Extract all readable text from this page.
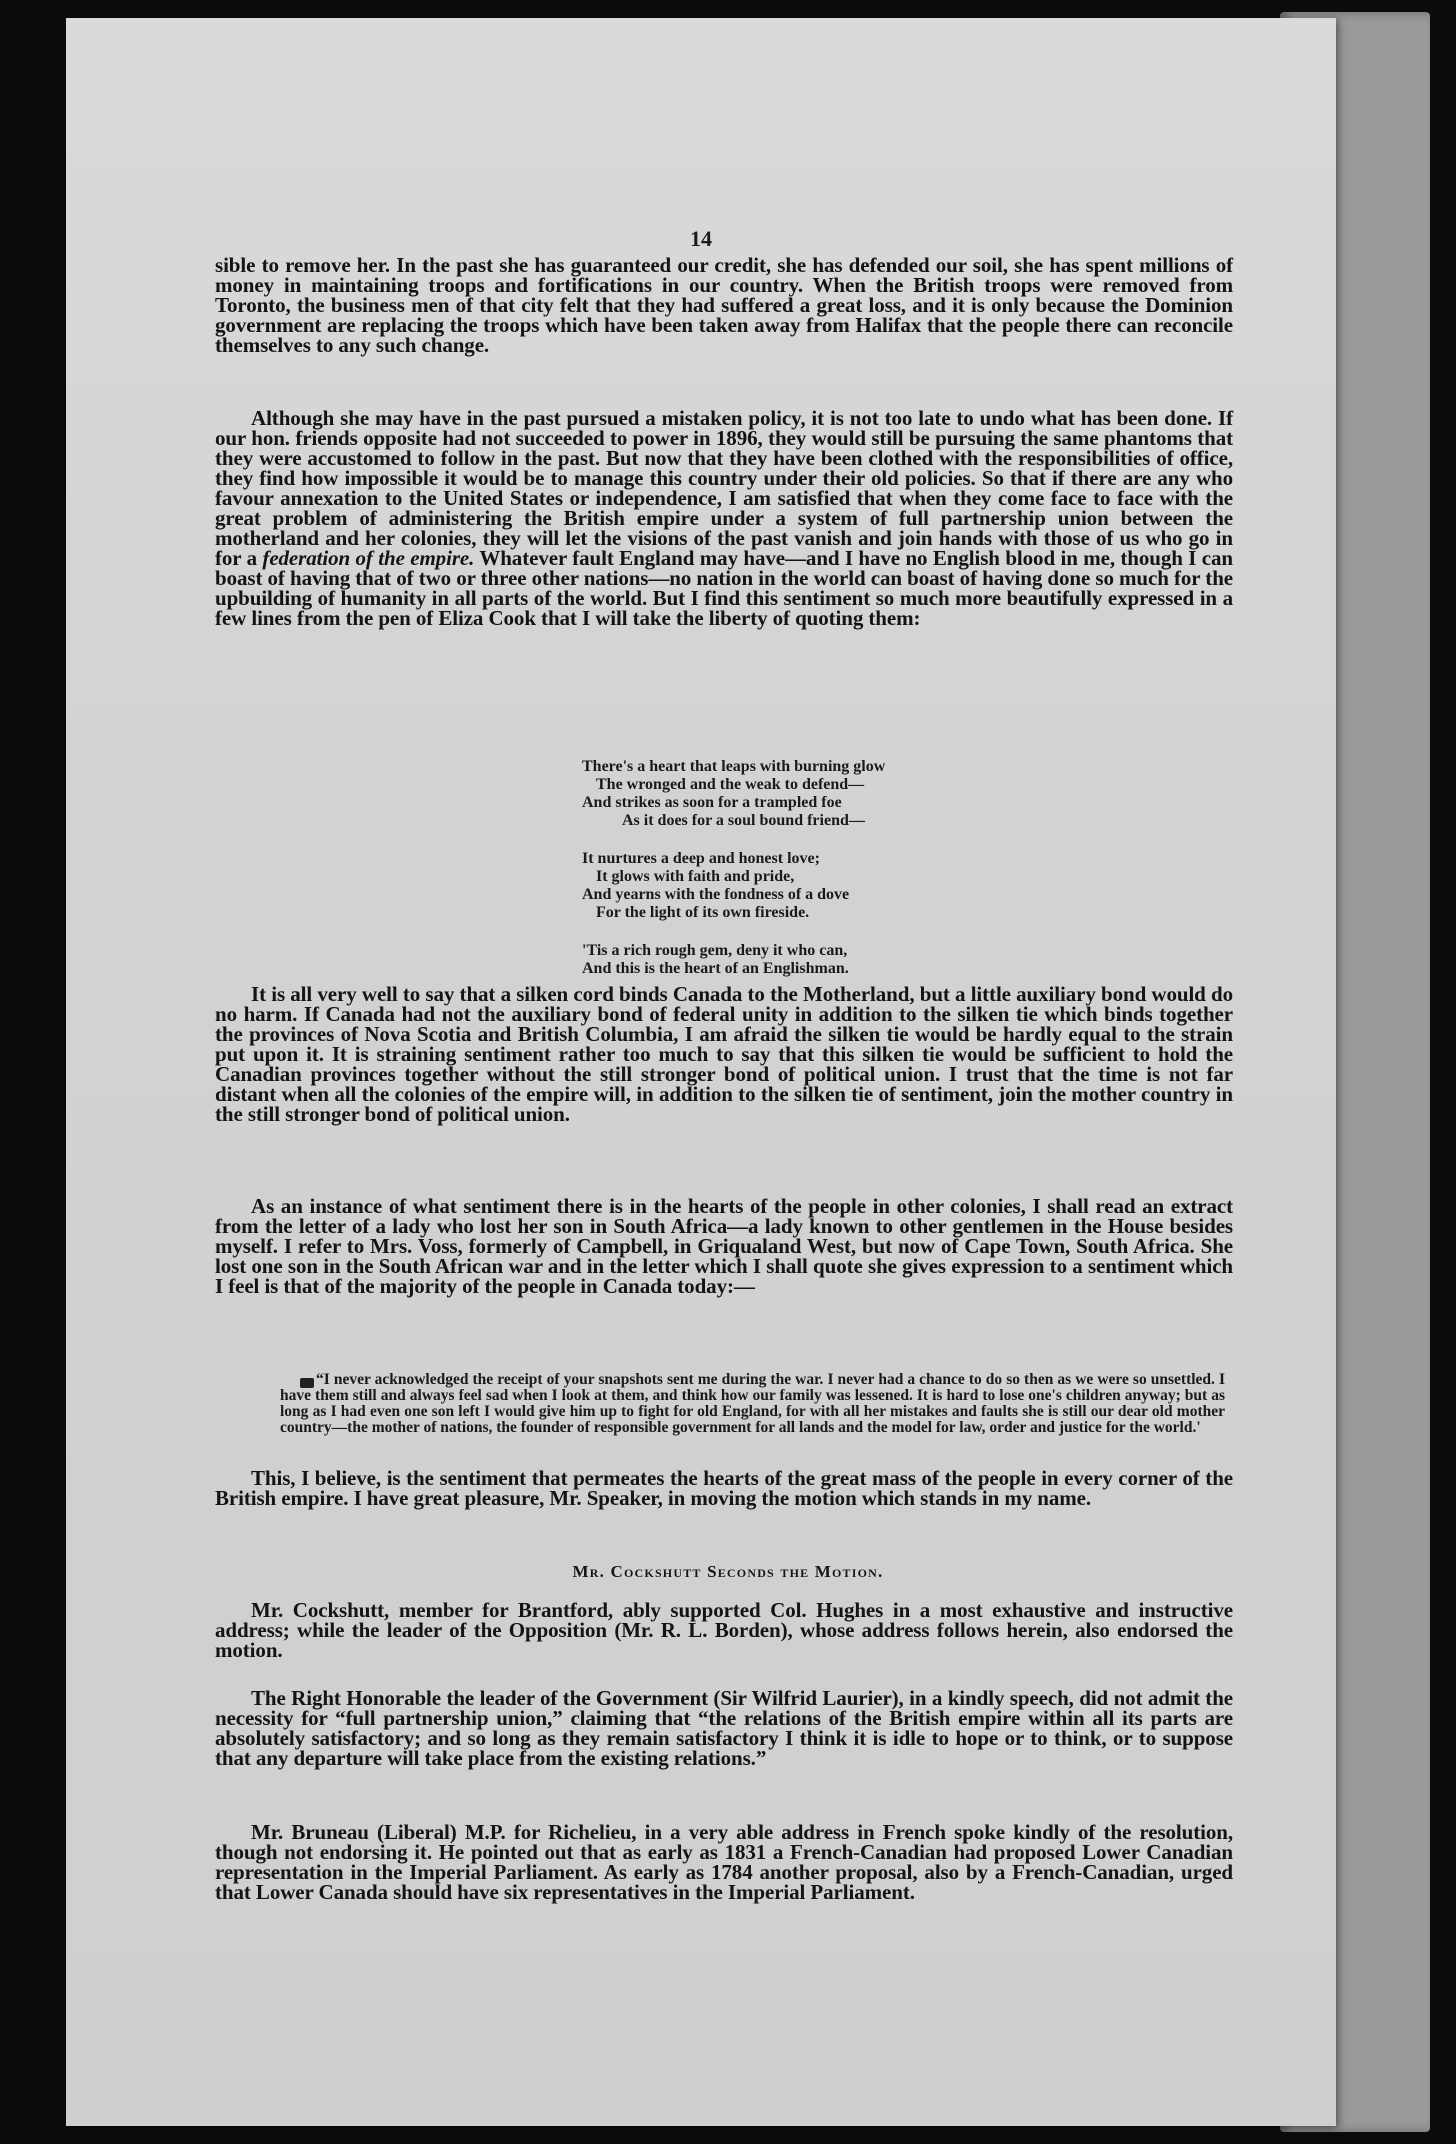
14

sible to remove her. In the past she has guaranteed our credit, she has defended our soil, she has spent millions of money in maintaining troops and fortifications in our country. When the British troops were removed from Toronto, the business men of that city felt that they had suffered a great loss, and it is only because the Dominion government are replacing the troops which have been taken away from Halifax that the people there can reconcile themselves to any such change.

Although she may have in the past pursued a mistaken policy, it is not too late to undo what has been done. If our hon. friends opposite had not succeeded to power in 1896, they would still be pursuing the same phantoms that they were accustomed to follow in the past. But now that they have been clothed with the responsibilities of office, they find how impossible it would be to manage this country under their old policies. So that if there are any who favour annexation to the United States or independence, I am satisfied that when they come face to face with the great problem of administering the British empire under a system of full partnership union between the motherland and her colonies, they will let the visions of the past vanish and join hands with those of us who go in for a federation of the empire. Whatever fault England may have—and I have no English blood in me, though I can boast of having that of two or three other nations—no nation in the world can boast of having done so much for the upbuilding of humanity in all parts of the world. But I find this sentiment so much more beautifully expressed in a few lines from the pen of Eliza Cook that I will take the liberty of quoting them:

There's a heart that leaps with burning glow
The wronged and the weak to defend—
And strikes as soon for a trampled foe
As it does for a soul bound friend—
It nurtures a deep and honest love;
It glows with faith and pride,
And yearns with the fondness of a dove
For the light of its own fireside.
'Tis a rich rough gem, deny it who can,
And this is the heart of an Englishman.

It is all very well to say that a silken cord binds Canada to the Motherland, but a little auxiliary bond would do no harm. If Canada had not the auxiliary bond of federal unity in addition to the silken tie which binds together the provinces of Nova Scotia and British Columbia, I am afraid the silken tie would be hardly equal to the strain put upon it. It is straining sentiment rather too much to say that this silken tie would be sufficient to hold the Canadian provinces together without the still stronger bond of political union. I trust that the time is not far distant when all the colonies of the empire will, in addition to the silken tie of sentiment, join the mother country in the still stronger bond of political union.

As an instance of what sentiment there is in the hearts of the people in other colonies, I shall read an extract from the letter of a lady who lost her son in South Africa—a lady known to other gentlemen in the House besides myself. I refer to Mrs. Voss, formerly of Campbell, in Griqualand West, but now of Cape Town, South Africa. She lost one son in the South African war and in the letter which I shall quote she gives expression to a sentiment which I feel is that of the majority of the people in Canada today:—

“I never acknowledged the receipt of your snapshots sent me during the war. I never had a chance to do so then as we were so unsettled. I have them still and always feel sad when I look at them, and think how our family was lessened. It is hard to lose one's children anyway; but as long as I had even one son left I would give him up to fight for old England, for with all her mistakes and faults she is still our dear old mother country—the mother of nations, the founder of responsible government for all lands and the model for law, order and justice for the world.'

This, I believe, is the sentiment that permeates the hearts of the great mass of the people in every corner of the British empire. I have great pleasure, Mr. Speaker, in moving the motion which stands in my name.

Mr. Cockshutt Seconds the Motion.

Mr. Cockshutt, member for Brantford, ably supported Col. Hughes in a most exhaustive and instructive address; while the leader of the Opposition (Mr. R. L. Borden), whose address follows herein, also endorsed the motion.

The Right Honorable the leader of the Government (Sir Wilfrid Laurier), in a kindly speech, did not admit the necessity for “full partnership union,” claiming that “the relations of the British empire within all its parts are absolutely satisfactory; and so long as they remain satisfactory I think it is idle to hope or to think, or to suppose that any departure will take place from the existing relations.”

Mr. Bruneau (Liberal) M.P. for Richelieu, in a very able address in French spoke kindly of the resolution, though not endorsing it. He pointed out that as early as 1831 a French-Canadian had proposed Lower Canadian representation in the Imperial Parliament. As early as 1784 another proposal, also by a French-Canadian, urged that Lower Canada should have six representatives in the Imperial Parliament.
